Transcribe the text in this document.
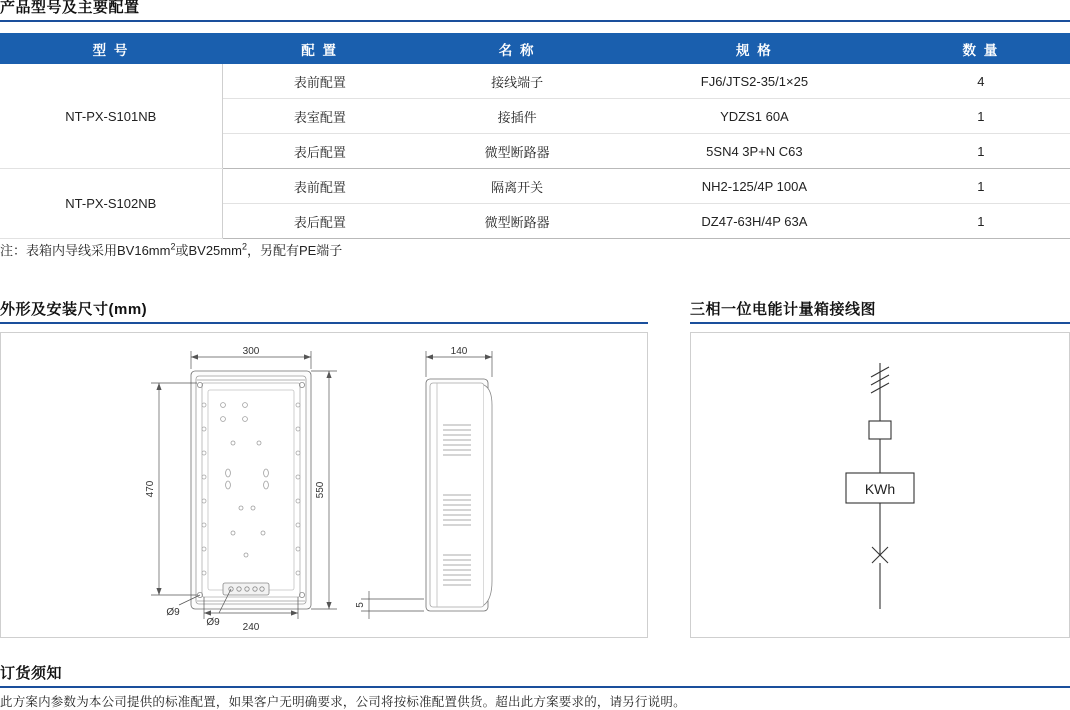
产品型号及主要配置
型 号	配 置	名 称	规 格	数 量
NT-PX-S101NB	表前配置	接线端子	FJ6/JTS2-35/1×25	4
	表室配置	接插件	YDZS1 60A	1
	表后配置	微型断路器	5SN4 3P+N C63	1
NT-PX-S102NB	表前配置	隔离开关	NH2-125/4P 100A	1
	表后配置	微型断路器	DZ47-63H/4P 63A	1
注：表箱内导线采用$BV16mm^2$或$BV25mm^2$，另配有PE端子
外形及安装尺寸(mm)	三相一位电能计量箱接线图
300	140
240
Ø9
Ø9
470	550
5
KWh
订货须知
此方案内参数为本公司提供的标准配置，如果客户无明确要求，公司将按标准配置供货。超出此方案要求的，请另行说明。
